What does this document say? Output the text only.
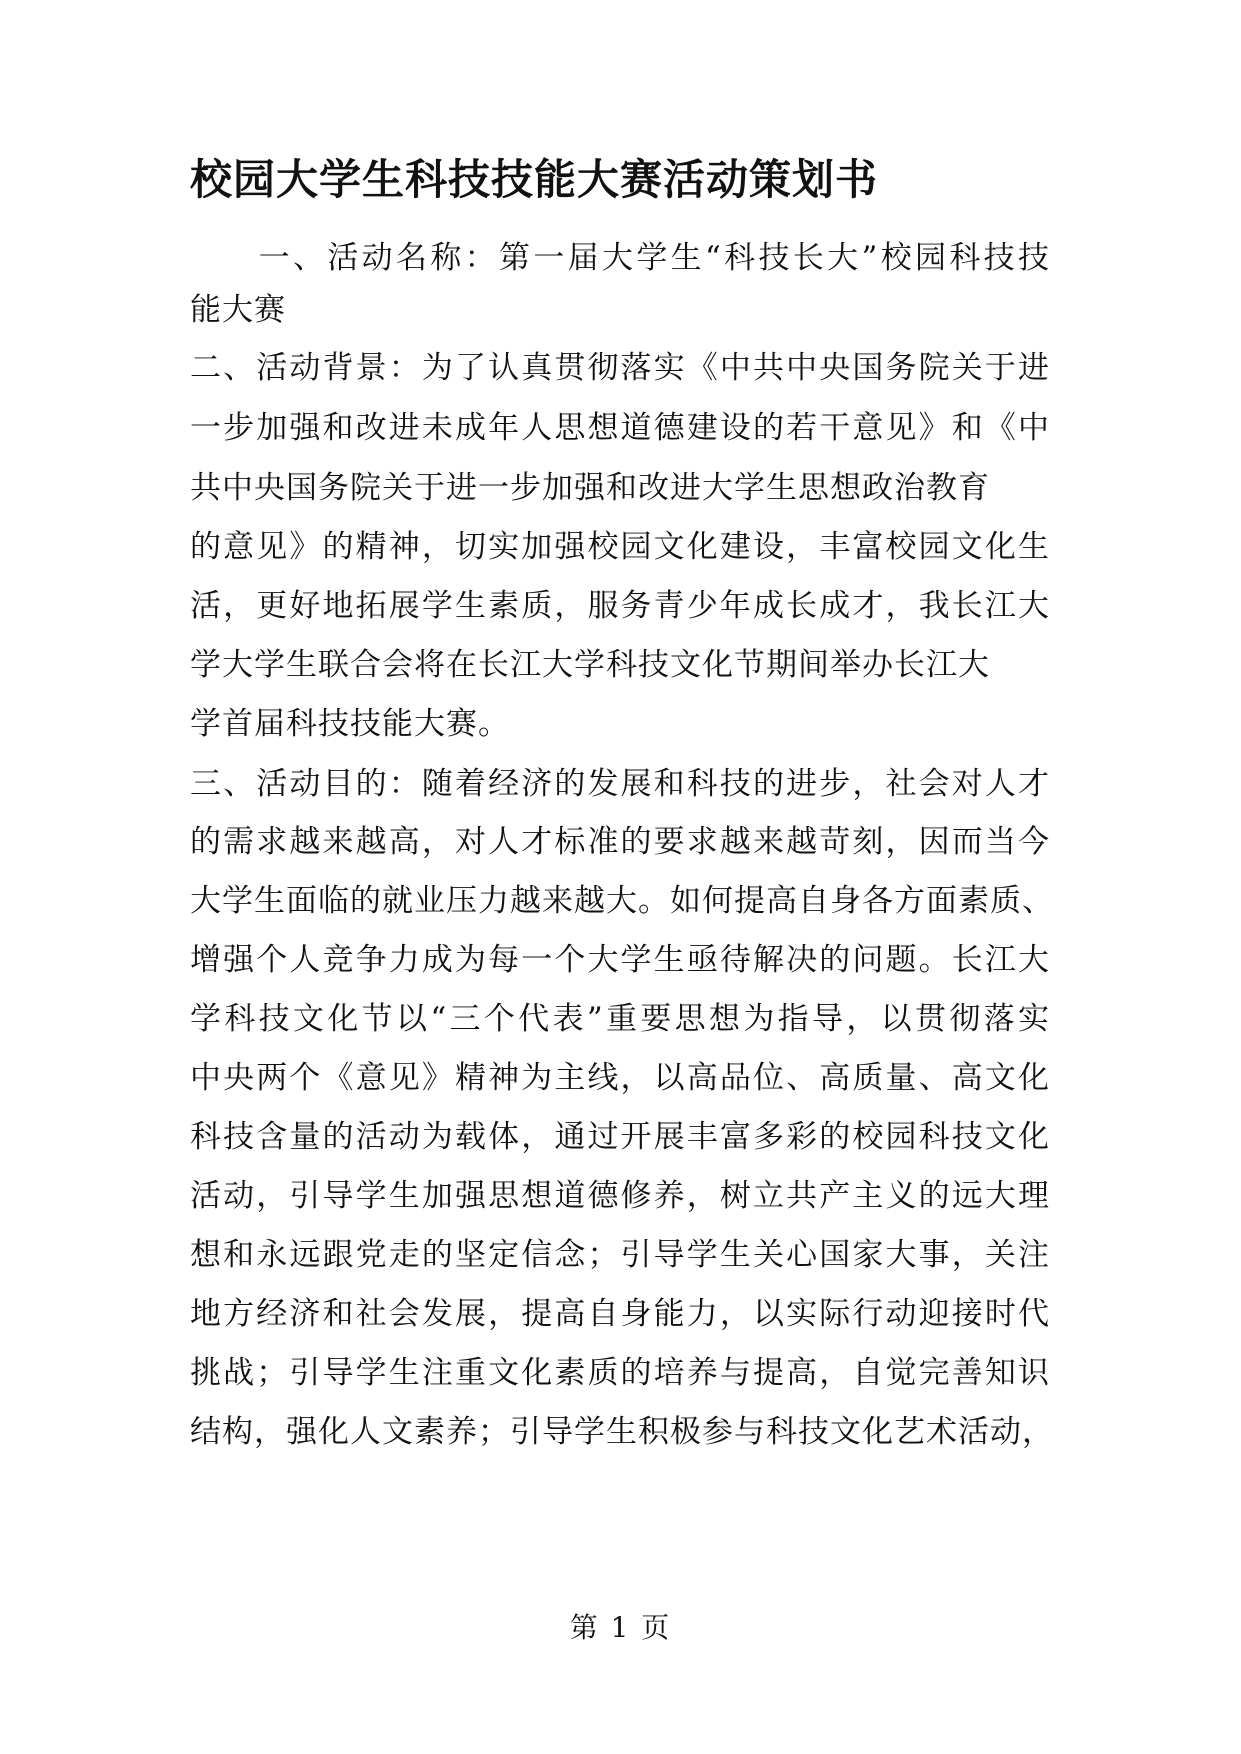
校园大学生科技技能大赛活动策划书
　　一、活动名称：第一届大学生“科技长大”校园科技技
能大赛
二、活动背景：为了认真贯彻落实《中共中央国务院关于进
一步加强和改进未成年人思想道德建设的若干意见》和《中
共中央国务院关于进一步加强和改进大学生思想政治教育
的意见》的精神，切实加强校园文化建设，丰富校园文化生
活，更好地拓展学生素质，服务青少年成长成才，我长江大
学大学生联合会将在长江大学科技文化节期间举办长江大
学首届科技技能大赛。
三、活动目的：随着经济的发展和科技的进步，社会对人才
的需求越来越高，对人才标准的要求越来越苛刻，因而当今
大学生面临的就业压力越来越大。如何提高自身各方面素质、
增强个人竞争力成为每一个大学生亟待解决的问题。长江大
学科技文化节以“三个代表”重要思想为指导，以贯彻落实
中央两个《意见》精神为主线，以高品位、高质量、高文化
科技含量的活动为载体，通过开展丰富多彩的校园科技文化
活动，引导学生加强思想道德修养，树立共产主义的远大理
想和永远跟党走的坚定信念；引导学生关心国家大事，关注
地方经济和社会发展，提高自身能力，以实际行动迎接时代
挑战；引导学生注重文化素质的培养与提高，自觉完善知识
结构，强化人文素养；引导学生积极参与科技文化艺术活动，
第 1 页
